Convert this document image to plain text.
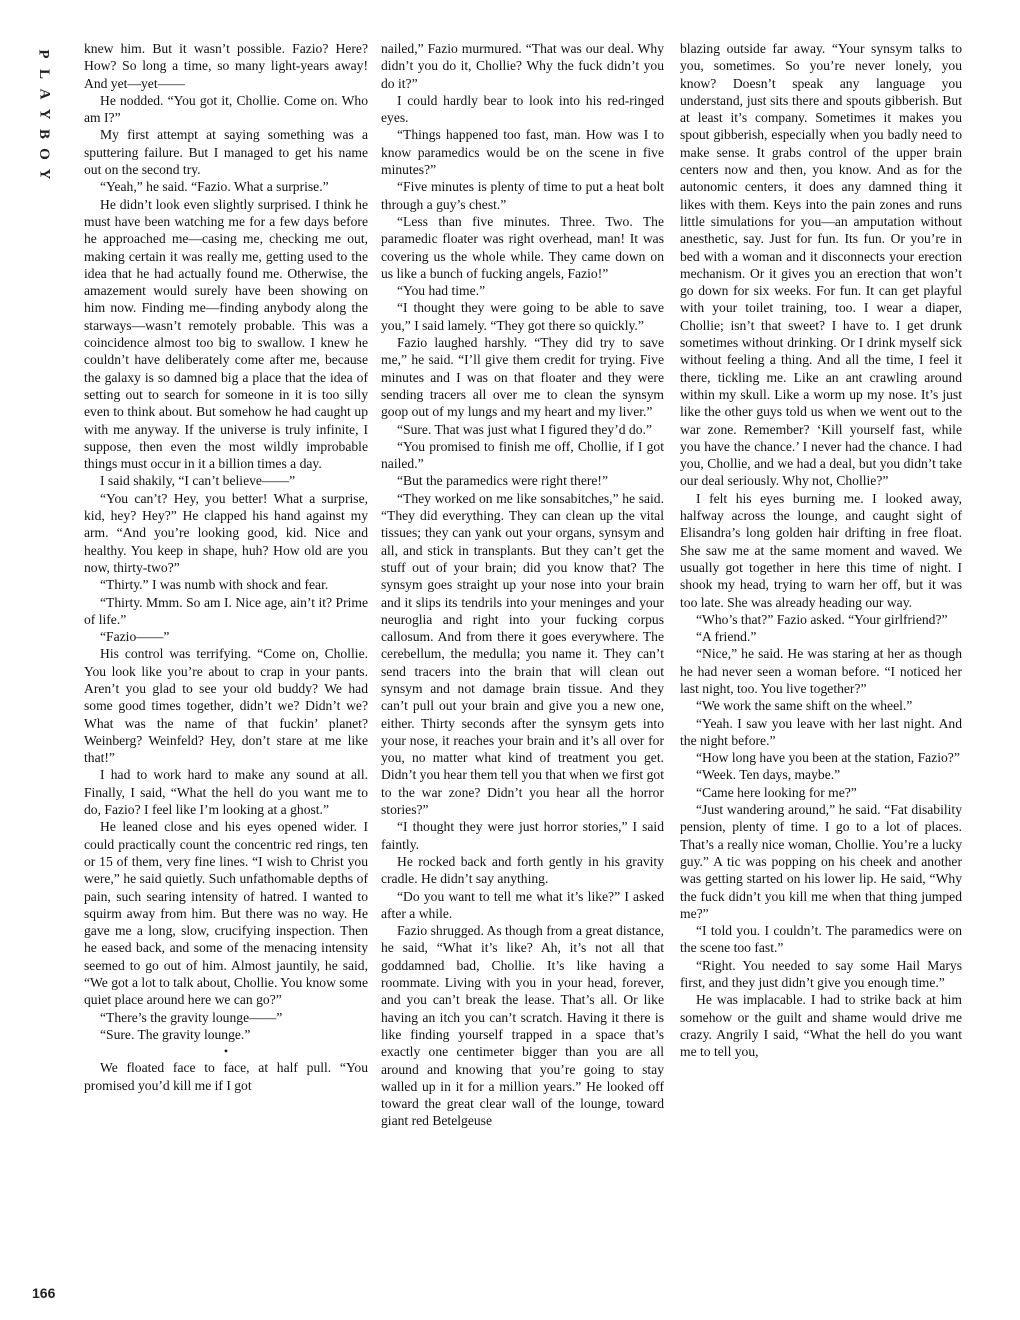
P
L
A
Y
B
O
Y

knew him. But it wasn’t possible. Fazio? Here? How? So long a time, so many light-years away! And yet—yet——

He nodded. “You got it, Chollie. Come on. Who am I?”

My first attempt at saying something was a sputtering failure. But I managed to get his name out on the second try.

“Yeah,” he said. “Fazio. What a surprise.”

He didn’t look even slightly surprised. I think he must have been watching me for a few days before he approached me—casing me, checking me out, making certain it was really me, getting used to the idea that he had actually found me. Otherwise, the amazement would surely have been showing on him now. Finding me—finding anybody along the starways—wasn’t remotely probable. This was a coincidence almost too big to swallow. I knew he couldn’t have deliberately come after me, because the galaxy is so damned big a place that the idea of setting out to search for someone in it is too silly even to think about. But somehow he had caught up with me anyway. If the universe is truly infinite, I suppose, then even the most wildly improbable things must occur in it a billion times a day.

I said shakily, “I can’t believe——”

“You can’t? Hey, you better! What a surprise, kid, hey? Hey?” He clapped his hand against my arm. “And you’re looking good, kid. Nice and healthy. You keep in shape, huh? How old are you now, thirty-two?”

“Thirty.” I was numb with shock and fear.

“Thirty. Mmm. So am I. Nice age, ain’t it? Prime of life.”

“Fazio——”

His control was terrifying. “Come on, Chollie. You look like you’re about to crap in your pants. Aren’t you glad to see your old buddy? We had some good times together, didn’t we? Didn’t we? What was the name of that fuckin’ planet? Weinberg? Weinfeld? Hey, don’t stare at me like that!”

I had to work hard to make any sound at all. Finally, I said, “What the hell do you want me to do, Fazio? I feel like I’m looking at a ghost.”

He leaned close and his eyes opened wider. I could practically count the concentric red rings, ten or 15 of them, very fine lines. “I wish to Christ you were,” he said quietly. Such unfathomable depths of pain, such searing intensity of hatred. I wanted to squirm away from him. But there was no way. He gave me a long, slow, crucifying inspection. Then he eased back, and some of the menacing intensity seemed to go out of him. Almost jauntily, he said, “We got a lot to talk about, Chollie. You know some quiet place around here we can go?”

“There’s the gravity lounge——”

“Sure. The gravity lounge.”

•

We floated face to face, at half pull. “You promised you’d kill me if I got

nailed,” Fazio murmured. “That was our deal. Why didn’t you do it, Chollie? Why the fuck didn’t you do it?”

I could hardly bear to look into his red-ringed eyes.

“Things happened too fast, man. How was I to know paramedics would be on the scene in five minutes?”

“Five minutes is plenty of time to put a heat bolt through a guy’s chest.”

“Less than five minutes. Three. Two. The paramedic floater was right overhead, man! It was covering us the whole while. They came down on us like a bunch of fucking angels, Fazio!”

“You had time.”

“I thought they were going to be able to save you,” I said lamely. “They got there so quickly.”

Fazio laughed harshly. “They did try to save me,” he said. “I’ll give them credit for trying. Five minutes and I was on that floater and they were sending tracers all over me to clean the synsym goop out of my lungs and my heart and my liver.”

“Sure. That was just what I figured they’d do.”

“You promised to finish me off, Chollie, if I got nailed.”

“But the paramedics were right there!”

“They worked on me like sonsabitches,” he said. “They did everything. They can clean up the vital tissues; they can yank out your organs, synsym and all, and stick in transplants. But they can’t get the stuff out of your brain; did you know that? The synsym goes straight up your nose into your brain and it slips its tendrils into your meninges and your neuroglia and right into your fucking corpus callosum. And from there it goes everywhere. The cerebellum, the medulla; you name it. They can’t send tracers into the brain that will clean out synsym and not damage brain tissue. And they can’t pull out your brain and give you a new one, either. Thirty seconds after the synsym gets into your nose, it reaches your brain and it’s all over for you, no matter what kind of treatment you get. Didn’t you hear them tell you that when we first got to the war zone? Didn’t you hear all the horror stories?”

“I thought they were just horror stories,” I said faintly.

He rocked back and forth gently in his gravity cradle. He didn’t say anything.

“Do you want to tell me what it’s like?” I asked after a while.

Fazio shrugged. As though from a great distance, he said, “What it’s like? Ah, it’s not all that goddamned bad, Chollie. It’s like having a roommate. Living with you in your head, forever, and you can’t break the lease. That’s all. Or like having an itch you can’t scratch. Having it there is like finding yourself trapped in a space that’s exactly one centimeter bigger than you are all around and knowing that you’re going to stay walled up in it for a million years.” He looked off toward the great clear wall of the lounge, toward giant red Betelgeuse

blazing outside far away. “Your synsym talks to you, sometimes. So you’re never lonely, you know? Doesn’t speak any language you understand, just sits there and spouts gibberish. But at least it’s company. Sometimes it makes you spout gibberish, especially when you badly need to make sense. It grabs control of the upper brain centers now and then, you know. And as for the autonomic centers, it does any damned thing it likes with them. Keys into the pain zones and runs little simulations for you—an amputation without anesthetic, say. Just for fun. Its fun. Or you’re in bed with a woman and it disconnects your erection mechanism. Or it gives you an erection that won’t go down for six weeks. For fun. It can get playful with your toilet training, too. I wear a diaper, Chollie; isn’t that sweet? I have to. I get drunk sometimes without drinking. Or I drink myself sick without feeling a thing. And all the time, I feel it there, tickling me. Like an ant crawling around within my skull. Like a worm up my nose. It’s just like the other guys told us when we went out to the war zone. Remember? ‘Kill yourself fast, while you have the chance.’ I never had the chance. I had you, Chollie, and we had a deal, but you didn’t take our deal seriously. Why not, Chollie?”

I felt his eyes burning me. I looked away, halfway across the lounge, and caught sight of Elisandra’s long golden hair drifting in free float. She saw me at the same moment and waved. We usually got together in here this time of night. I shook my head, trying to warn her off, but it was too late. She was already heading our way.

“Who’s that?” Fazio asked. “Your girlfriend?”

“A friend.”

“Nice,” he said. He was staring at her as though he had never seen a woman before. “I noticed her last night, too. You live together?”

“We work the same shift on the wheel.”

“Yeah. I saw you leave with her last night. And the night before.”

“How long have you been at the station, Fazio?”

“Week. Ten days, maybe.”

“Came here looking for me?”

“Just wandering around,” he said. “Fat disability pension, plenty of time. I go to a lot of places. That’s a really nice woman, Chollie. You’re a lucky guy.” A tic was popping on his cheek and another was getting started on his lower lip. He said, “Why the fuck didn’t you kill me when that thing jumped me?”

“I told you. I couldn’t. The paramedics were on the scene too fast.”

“Right. You needed to say some Hail Marys first, and they just didn’t give you enough time.”

He was implacable. I had to strike back at him somehow or the guilt and shame would drive me crazy. Angrily I said, “What the hell do you want me to tell you,

166
